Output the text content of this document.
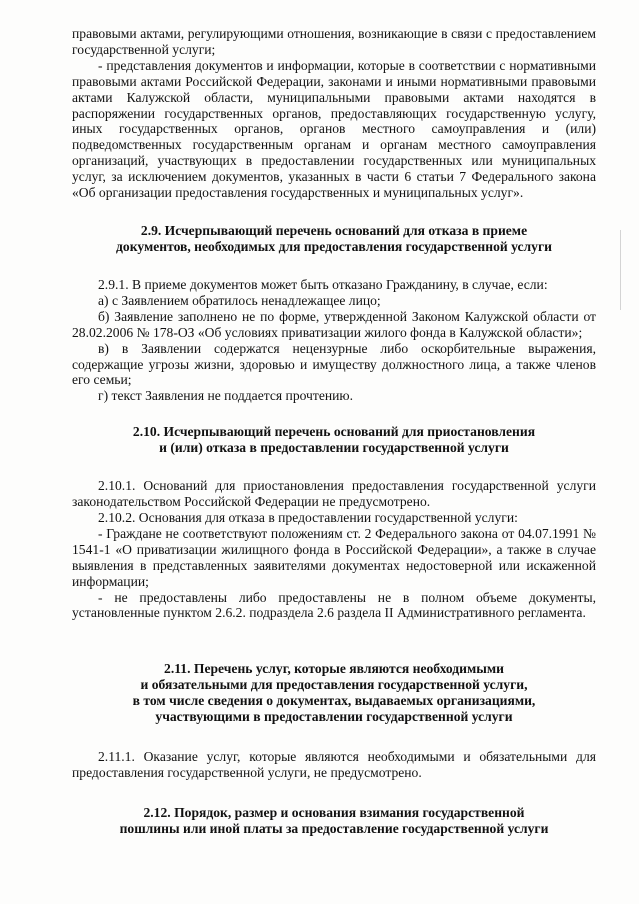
правовыми актами, регулирующими отношения, возникающие в связи с предоставлением государственной услуги;

- представления документов и информации, которые в соответствии с нормативными правовыми актами Российской Федерации, законами и иными нормативными правовыми актами Калужской области, муниципальными правовыми актами находятся в распоряжении государственных органов, предоставляющих государственную услугу, иных государственных органов, органов местного самоуправления и (или) подведомственных государственным органам и органам местного самоуправления организаций, участвующих в предоставлении государственных или муниципальных услуг, за исключением документов, указанных в части 6 статьи 7 Федерального закона «Об организации предоставления государственных и муниципальных услуг».

2.9. Исчерпывающий перечень оснований для отказа в приеме
документов, необходимых для предоставления государственной услуги

2.9.1. В приеме документов может быть отказано Гражданину, в случае, если:

а) с Заявлением обратилось ненадлежащее лицо;

б) Заявление заполнено не по форме, утвержденной Законом Калужской области от 28.02.2006 № 178-ОЗ «Об условиях приватизации жилого фонда в Калужской области»;

в) в Заявлении содержатся нецензурные либо оскорбительные выражения, содержащие угрозы жизни, здоровью и имуществу должностного лица, а также членов его семьи;

г) текст Заявления не поддается прочтению.

2.10. Исчерпывающий перечень оснований для приостановления
и (или) отказа в предоставлении государственной услуги

2.10.1. Оснований для приостановления предоставления государственной услуги законодательством Российской Федерации не предусмотрено.

2.10.2. Основания для отказа в предоставлении государственной услуги:

- Граждане не соответствуют положениям ст. 2 Федерального закона от 04.07.1991 № 1541-1 «О приватизации жилищного фонда в Российской Федерации», а также в случае выявления в представленных заявителями документах недостоверной или искаженной информации;

- не предоставлены либо предоставлены не в полном объеме документы, установленные пунктом 2.6.2. подраздела 2.6 раздела II Административного регламента.

2.11. Перечень услуг, которые являются необходимыми
и обязательными для предоставления государственной услуги,
в том числе сведения о документах, выдаваемых организациями,
участвующими в предоставлении государственной услуги

2.11.1. Оказание услуг, которые являются необходимыми и обязательными для предоставления государственной услуги, не предусмотрено.

2.12. Порядок, размер и основания взимания государственной
пошлины или иной платы за предоставление государственной услуги
